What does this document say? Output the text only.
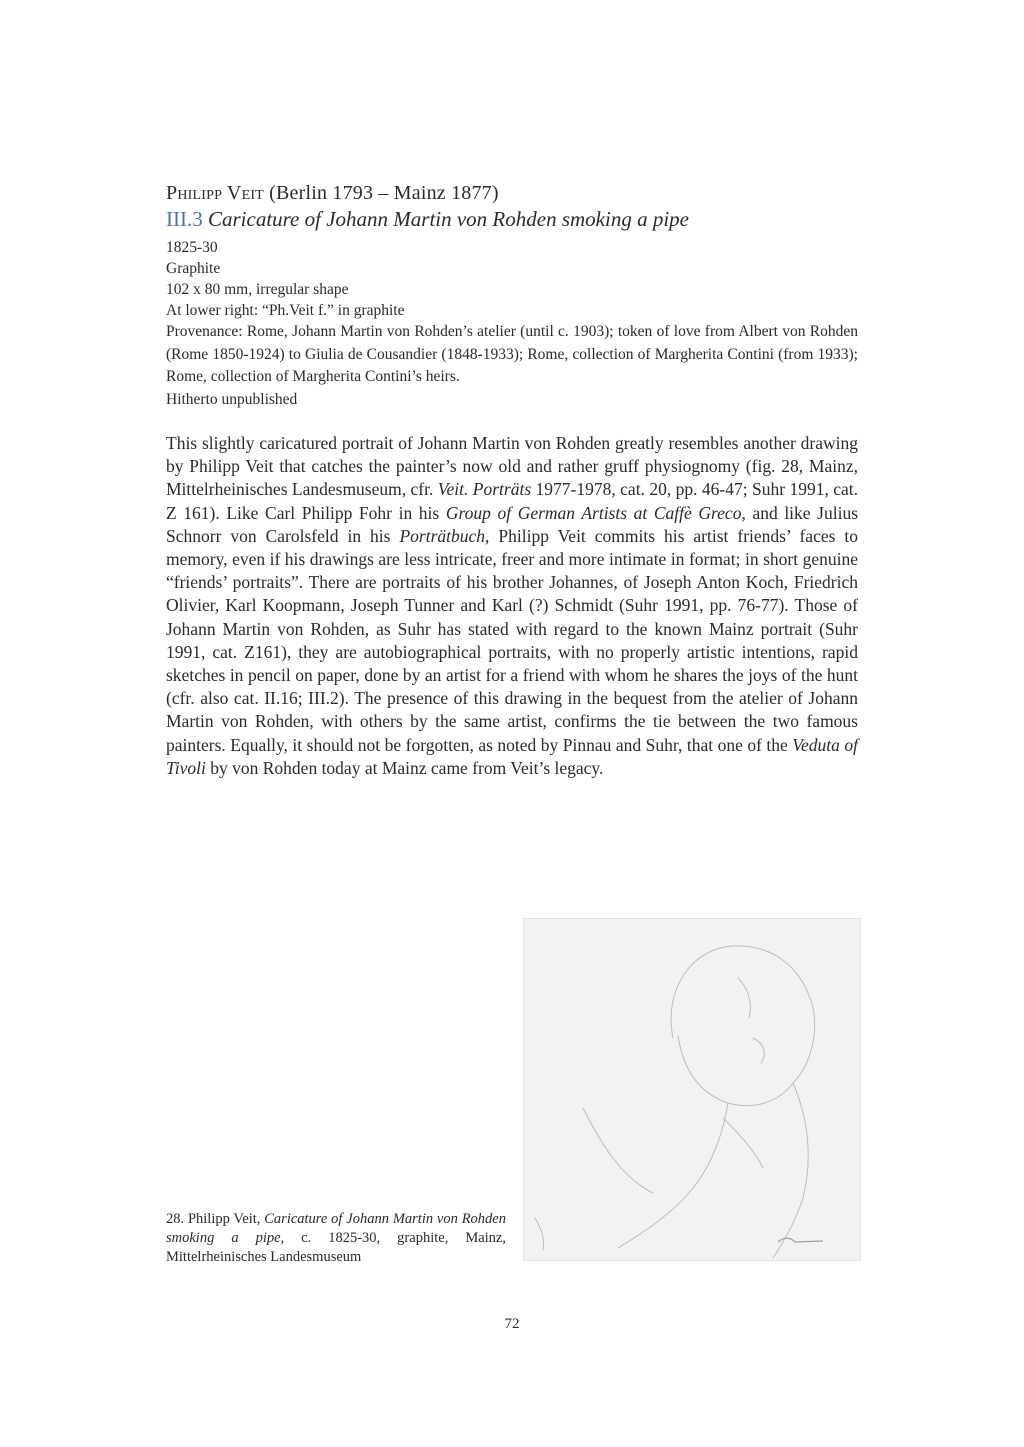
Philipp Veit (Berlin 1793 – Mainz 1877)

III.3 Caricature of Johann Martin von Rohden smoking a pipe

1825-30

Graphite

102 x 80 mm, irregular shape

At lower right: “Ph.Veit f.” in graphite

Provenance: Rome, Johann Martin von Rohden’s atelier (until c. 1903); token of love from Albert von Rohden (Rome 1850-1924) to Giulia de Cousandier (1848-1933); Rome, collection of Margherita Contini (from 1933); Rome, collection of Margherita Contini’s heirs.

Hitherto unpublished

This slightly caricatured portrait of Johann Martin von Rohden greatly resembles another drawing by Philipp Veit that catches the painter’s now old and rather gruff physiognomy (fig. 28, Mainz, Mittelrheinisches Landesmuseum, cfr. Veit. Porträts 1977-1978, cat. 20, pp. 46-47; Suhr 1991, cat. Z 161). Like Carl Philipp Fohr in his Group of German Artists at Caffè Greco, and like Julius Schnorr von Carolsfeld in his Porträtbuch, Philipp Veit commits his artist friends’ faces to memory, even if his drawings are less intricate, freer and more intimate in format; in short genuine “friends’ portraits”. There are portraits of his brother Johannes, of Joseph Anton Koch, Friedrich Olivier, Karl Koopmann, Joseph Tunner and Karl (?) Schmidt (Suhr 1991, pp. 76-77). Those of Johann Martin von Rohden, as Suhr has stated with regard to the known Mainz portrait (Suhr 1991, cat. Z161), they are autobiographical portraits, with no properly artistic intentions, rapid sketches in pencil on paper, done by an artist for a friend with whom he shares the joys of the hunt (cfr. also cat. II.16; III.2). The presence of this drawing in the bequest from the atelier of Johann Martin von Rohden, with others by the same artist, confirms the tie between the two famous painters. Equally, it should not be forgotten, as noted by Pinnau and Suhr, that one of the Veduta of Tivoli by von Rohden today at Mainz came from Veit’s legacy.

28. Philipp Veit, Caricature of Johann Martin von Rohden smoking a pipe, c. 1825-30, graphite, Mainz, Mittelrheinisches Landesmuseum

72
